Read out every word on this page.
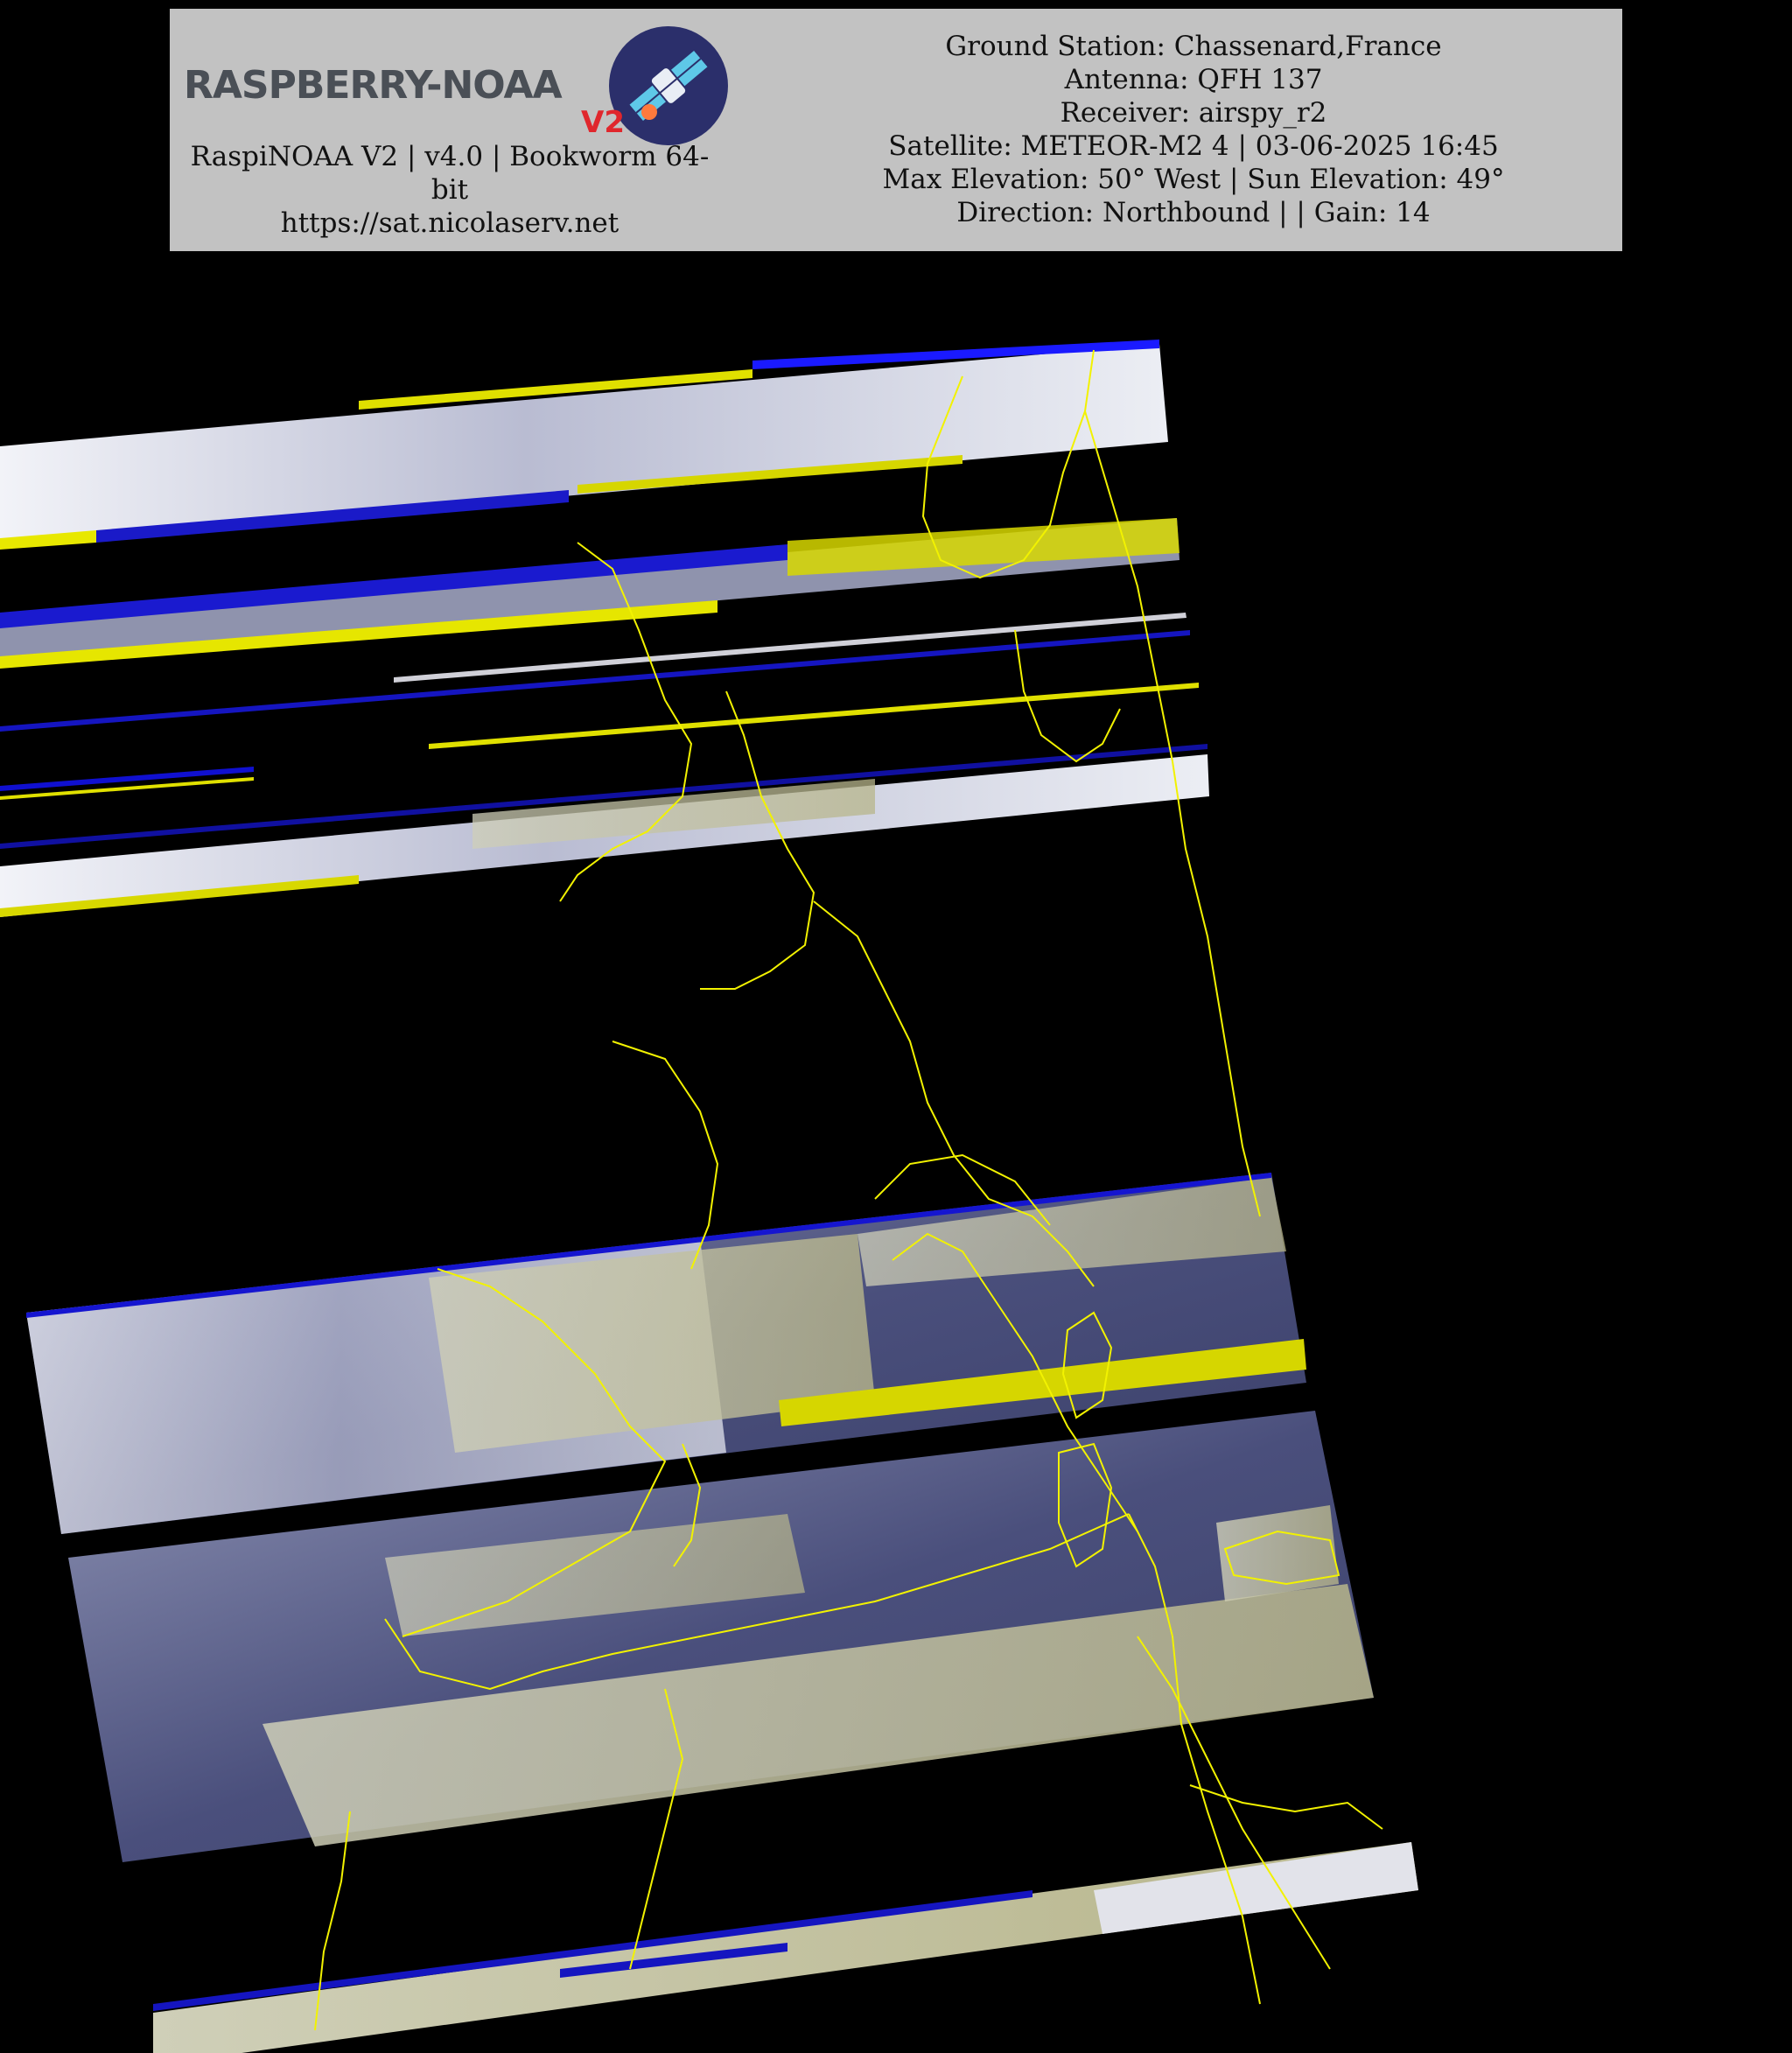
RASPBERRY-NOAA
V2
RaspiNOAA V2 | v4.0 | Bookworm 64-
bit
https://sat.nicolaserv.net
Ground Station: Chassenard,France
Antenna: QFH 137
Receiver: airspy_r2
Satellite: METEOR-M2 4 | 03-06-2025 16:45
Max Elevation: 50° West | Sun Elevation: 49°
Direction: Northbound | | Gain: 14
